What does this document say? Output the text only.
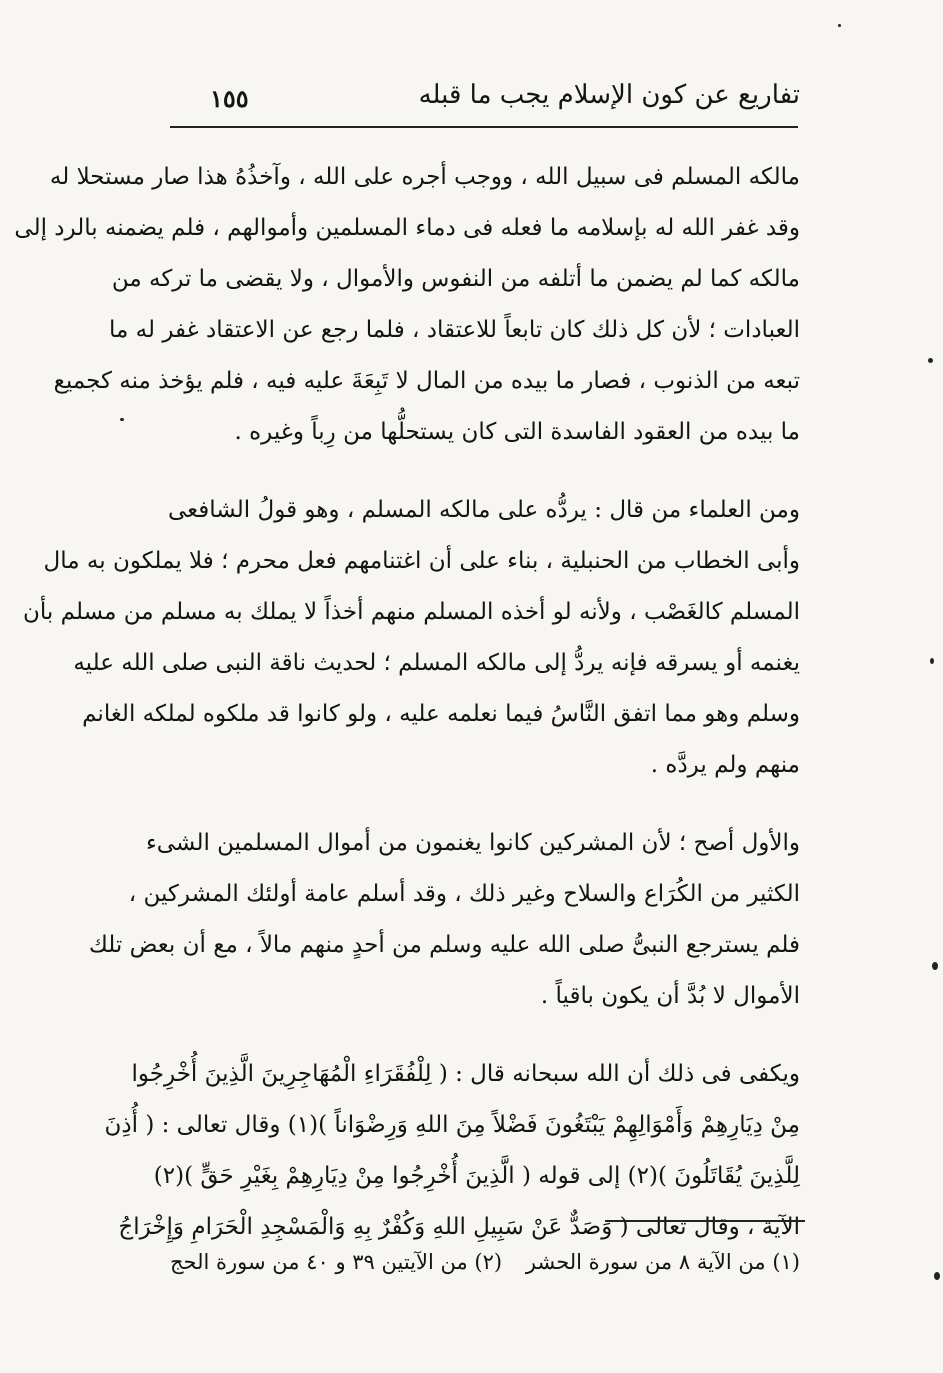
تفاريع عن كون الإسلام يجب ما قبله
١٥٥

مالكه المسلم فى سبيل الله ، ووجب أجره على الله ، وآخذُهُ هذا صار مستحلا له
وقد غفر الله له بإسلامه ما فعله فى دماء المسلمين وأموالهم ، فلم يضمنه بالرد إلى
مالكه كما لم يضمن ما أتلفه من النفوس والأموال ، ولا يقضى ما تركه من
العبادات ؛ لأن كل ذلك كان تابعاً للاعتقاد ، فلما رجع عن الاعتقاد غفر له ما
تبعه من الذنوب ، فصار ما بيده من المال لا تَبِعَةَ عليه فيه ، فلم يؤخذ منه كجميع
ما بيده من العقود الفاسدة التى كان يستحلُّها من رِباً وغيره .

ومن العلماء من قال : يردُّه على مالكه المسلم ، وهو قولُ الشافعى
وأبى الخطاب من الحنبلية ، بناء على أن اغتنامهم فعل محرم ؛ فلا يملكون به مال
المسلم كالغَصْب ، ولأنه لو أخذه المسلم منهم أخذاً لا يملك به مسلم من مسلم بأن
يغنمه أو يسرقه فإنه يردُّ إلى مالكه المسلم ؛ لحديث ناقة النبى صلى الله عليه
وسلم وهو مما اتفق النَّاسُ فيما نعلمه عليه ، ولو كانوا قد ملكوه لملكه الغانم
منهم ولم يردَّه .

والأول أصح ؛ لأن المشركين كانوا يغنمون من أموال المسلمين الشىء
الكثير من الكُرَاع والسلاح وغير ذلك ، وقد أسلم عامة أولئك المشركين ،
فلم يسترجع النبىُّ صلى الله عليه وسلم من أحدٍ منهم مالاً ، مع أن بعض تلك
الأموال لا بُدَّ أن يكون باقياً .

ويكفى فى ذلك أن الله سبحانه قال : ( لِلْفُقَرَاءِ الْمُهَاجِرِينَ الَّذِينَ أُخْرِجُوا
مِنْ دِيَارِهِمْ وَأَمْوَالِهِمْ يَبْتَغُونَ فَضْلاً مِنَ اللهِ وَرِضْوَاناً )(١) وقال تعالى : ( أُذِنَ
لِلَّذِينَ يُقَاتَلُونَ )(٢) إلى قوله ( الَّذِينَ أُخْرِجُوا مِنْ دِيَارِهِمْ بِغَيْرِ حَقٍّ )(٢)
الآية ، وقال تعالى ( وَصَدٌّ عَنْ سَبِيلِ اللهِ وَكُفْرٌ بِهِ وَالْمَسْجِدِ الْحَرَامِ وَإِخْرَاجُ

(١) من الآية ٨ من سورة الحشر
(٢) من الآيتين ٣٩ و ٤٠ من سورة الحج
